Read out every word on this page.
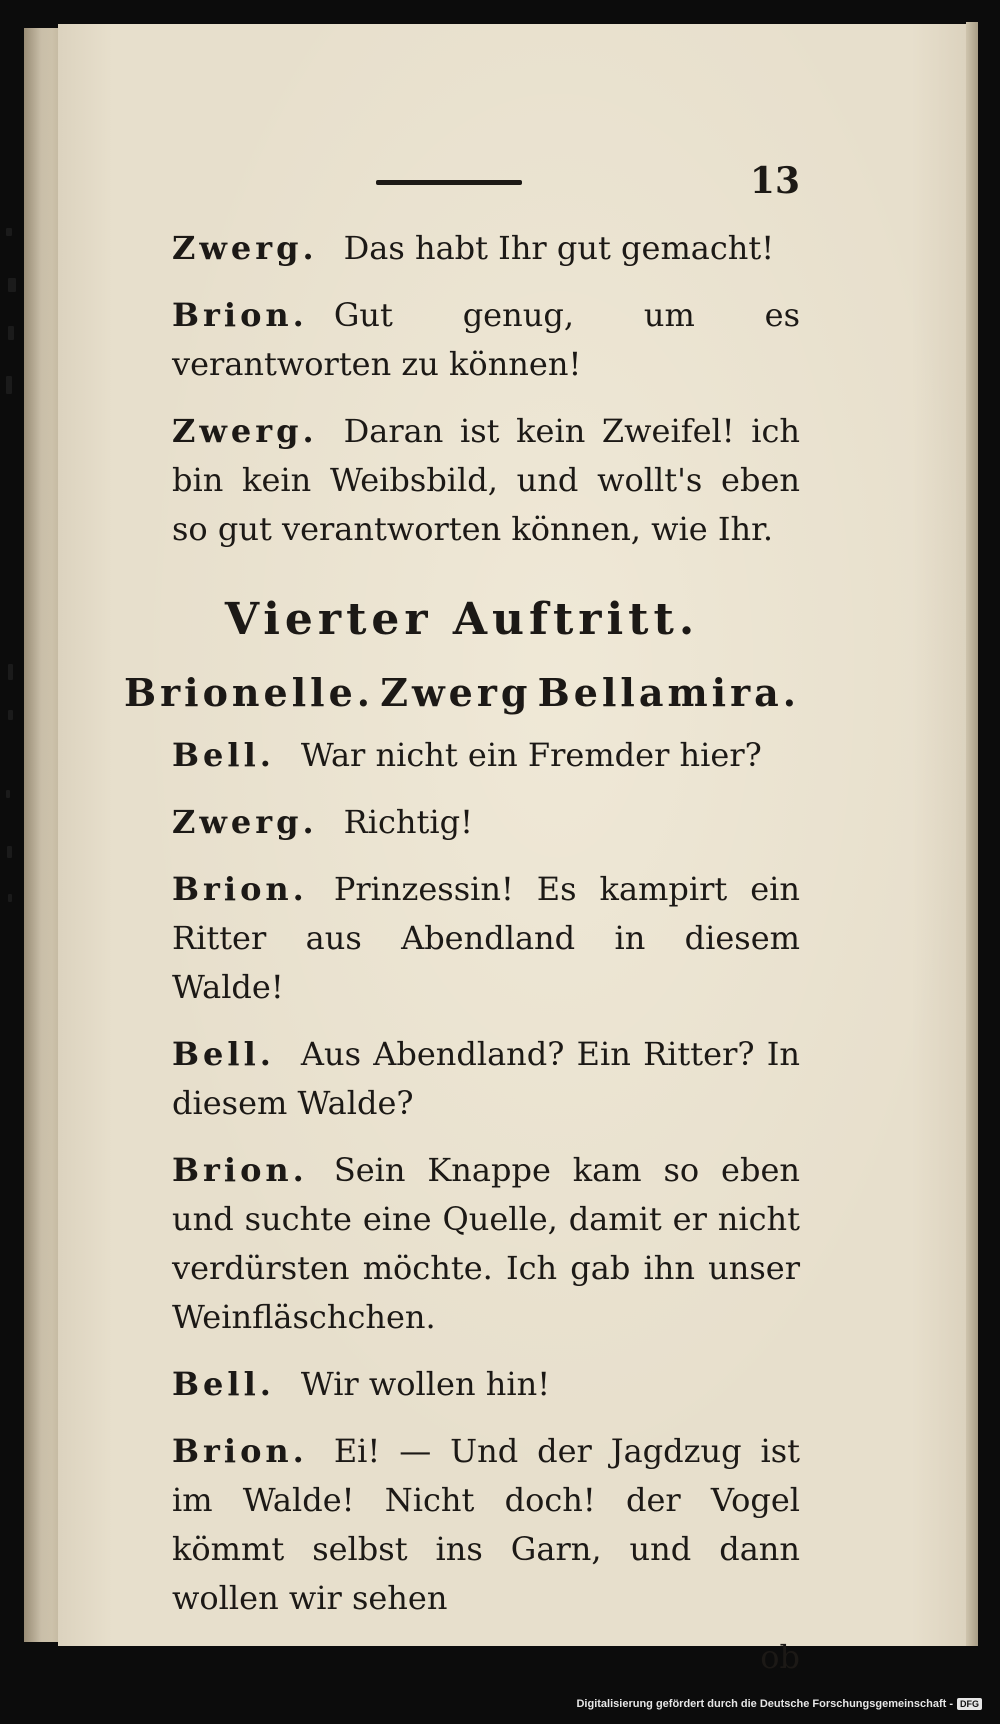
13

Zwerg. Das habt Ihr gut gemacht!

Brion. Gut genug, um es verantworten zu können!

Zwerg. Daran ist kein Zweifel! ich bin kein Weibsbild, und wollt's eben so gut verantworten können, wie Ihr.

Vierter Auftritt.
Brionelle. Zwerg Bellamira.

Bell. War nicht ein Fremder hier?

Zwerg. Richtig!

Brion. Prinzessin! Es kampirt ein Ritter aus Abendland in diesem Walde!

Bell. Aus Abendland? Ein Ritter? In diesem Walde?

Brion. Sein Knappe kam so eben und suchte eine Quelle, damit er nicht verdürsten möchte. Ich gab ihn unser Weinfläschchen.

Bell. Wir wollen hin!

Brion. Ei! — Und der Jagdzug ist im Walde! Nicht doch! der Vogel kömmt selbst ins Garn, und dann wollen wir sehen

ob
Digitalisierung gefördert durch die Deutsche Forschungsgemeinschaft - DFG
